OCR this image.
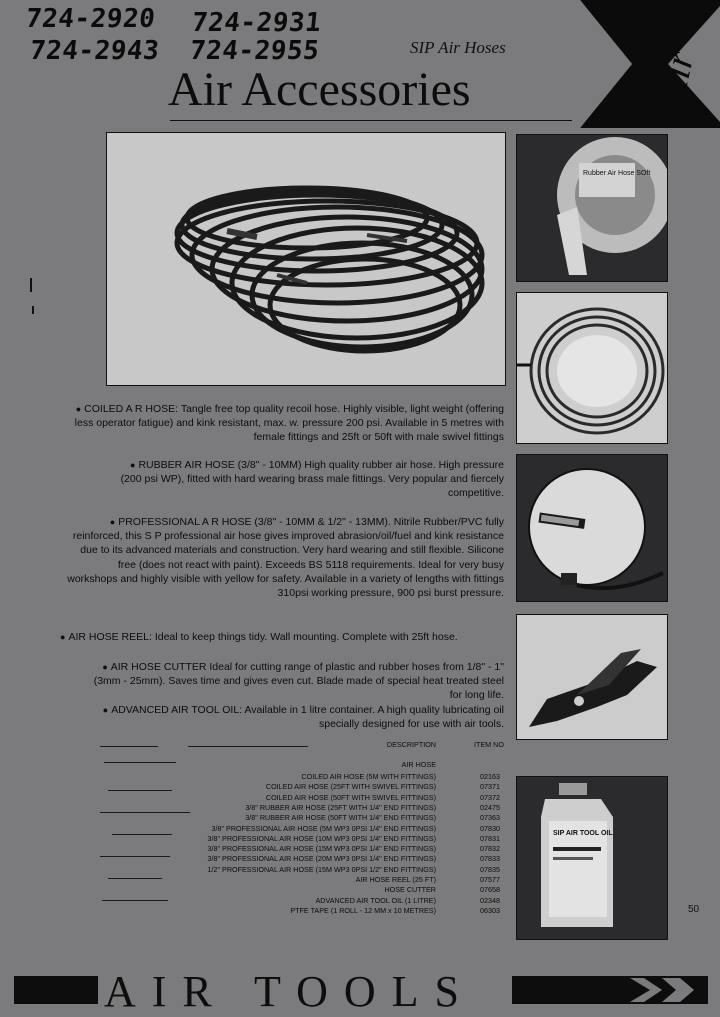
724-2920 724-2931
724-2943 724-2955	SIP Air Hoses
Air Accessories	air
Rubber Air Hose SOft
SIP AIR TOOL OIL
● COILED A R HOSE: Tangle free top quality recoil hose. Highly visible, light weight (offering less operator fatigue) and kink resistant, max. w. pressure 200 psi. Available in 5 metres with female fittings and 25ft or 50ft with male swivel fittings
● RUBBER AIR HOSE (3/8" - 10MM) High quality rubber air hose. High pressure (200 psi WP), fitted with hard wearing brass male fittings. Very popular and fiercely competitive.
● PROFESSIONAL A R HOSE (3/8" - 10MM & 1/2" - 13MM). Nitrile Rubber/PVC fully reinforced, this S P professional air hose gives improved abrasion/oil/fuel and kink resistance due to its advanced materials and construction. Very hard wearing and still flexible. Silicone free (does not react with paint). Exceeds BS 5118 requirements. Ideal for very busy workshops and highly visible with yellow for safety. Available in a variety of lengths with fittings 310psi working pressure, 900 psi burst pressure.
● AIR HOSE REEL: Ideal to keep things tidy. Wall mounting. Complete with 25ft hose.
● AIR HOSE CUTTER Ideal for cutting range of plastic and rubber hoses from 1/8" - 1" (3mm - 25mm). Saves time and gives even cut. Blade made of special heat treated steel for long life.
● ADVANCED AIR TOOL OIL: Available in 1 litre container. A high quality lubricating oil specially designed for use with air tools.
DESCRIPTION	ITEM NO
AIR HOSE
COILED AIR HOSE (5M WITH FITTINGS)	02163
COILED AIR HOSE (25FT WITH SWIVEL FITTINGS)	07371
COILED AIR HOSE (50FT WITH SWIVEL FITTINGS)	07372
3/8" RUBBER AIR HOSE (25FT WITH 1/4" END FITTINGS)	02475
3/8" RUBBER AIR HOSE (50FT WITH 1/4" END FITTINGS)	07363
3/8" PROFESSIONAL AIR HOSE (5M WP3 0PSI 1/4" END FITTINGS)	07830
3/8" PROFESSIONAL AIR HOSE (10M WP3 0PSI 1/4" END FITTINGS)	07831
3/8" PROFESSIONAL AIR HOSE (15M WP3 0PSI 1/4" END FITTINGS)	07832
3/8" PROFESSIONAL AIR HOSE (20M WP3 0PSI 1/4" END FITTINGS)	07833
1/2" PROFESSIONAL AIR HOSE (15M WP3 0PSI 1/2" END FITTINGS)	07835
AIR HOSE REEL (25 FT)	07577
HOSE CUTTER	07658
ADVANCED AIR TOOL OIL (1 LITRE)	02348
PTFE TAPE (1 ROLL - 12 MM x 10 METRES)	06303	50
AIR TOOLS
